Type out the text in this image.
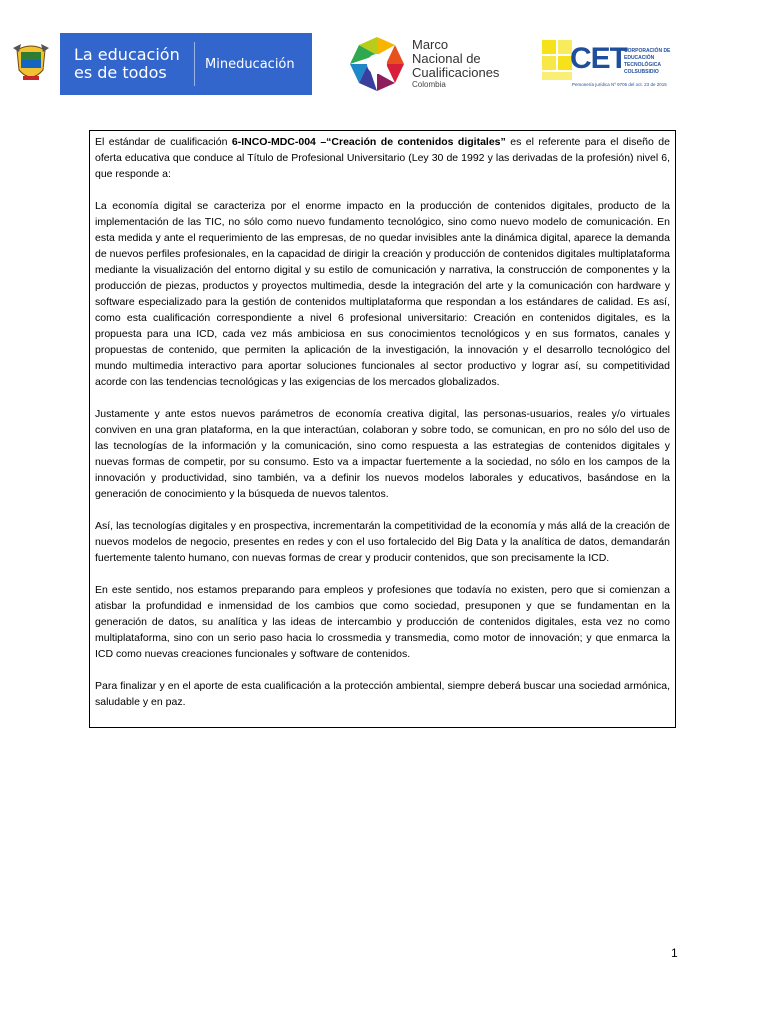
La educación
es de todos	Mineducación
Marco
Nacional de
Cualificaciones
Colombia
CET
CORPORACIÓN DE EDUCACIÓN TECNOLÓGICA COLSUBSIDIO
Personería jurídica Nº 9705 del oct. 23 de 2015

El estándar de cualificación 6-INCO-MDC-004 –“Creación de contenidos digitales” es el referente para el diseño de oferta educativa que conduce al Título de Profesional Universitario (Ley 30 de 1992 y las derivadas de la profesión) nivel 6, que responde a:

La economía digital se caracteriza por el enorme impacto en la producción de contenidos digitales, producto de la implementación de las TIC, no sólo como nuevo fundamento tecnológico, sino como nuevo modelo de comunicación. En esta medida y ante el requerimiento de las empresas, de no quedar invisibles ante la dinámica digital, aparece la demanda de nuevos perfiles profesionales, en la capacidad de dirigir la creación y producción de contenidos digitales multiplataforma mediante la visualización del entorno digital y su estilo de comunicación y narrativa, la construcción de componentes y la producción de piezas, productos y proyectos multimedia, desde la integración del arte y la comunicación con hardware y software especializado para la gestión de contenidos multiplataforma que respondan a los estándares de calidad. Es así, como esta cualificación correspondiente a nivel 6 profesional universitario: Creación en contenidos digitales, es la propuesta para una ICD, cada vez más ambiciosa en sus conocimientos tecnológicos y en sus formatos, canales y propuestas de contenido, que permiten la aplicación de la investigación, la innovación y el desarrollo tecnológico del mundo multimedia interactivo para aportar soluciones funcionales al sector productivo y lograr así, su competitividad acorde con las tendencias tecnológicas y las exigencias de los mercados globalizados.

Justamente y ante estos nuevos parámetros de economía creativa digital, las personas-usuarios, reales y/o virtuales conviven en una gran plataforma, en la que interactúan, colaboran y sobre todo, se comunican, en pro no sólo del uso de las tecnologías de la información y la comunicación, sino como respuesta a las estrategias de contenidos digitales y nuevas formas de competir, por su consumo. Esto va a impactar fuertemente a la sociedad, no sólo en los campos de la innovación y productividad, sino también, va a definir los nuevos modelos laborales y educativos, basándose en la generación de conocimiento y la búsqueda de nuevos talentos.

Así, las tecnologías digitales y en prospectiva, incrementarán la competitividad de la economía y más allá de la creación de nuevos modelos de negocio, presentes en redes y con el uso fortalecido del Big Data y la analítica de datos, demandarán fuertemente talento humano, con nuevas formas de crear y producir contenidos, que son precisamente la ICD.

En este sentido, nos estamos preparando para empleos y profesiones que todavía no existen, pero que si comienzan a atisbar la profundidad e inmensidad de los cambios que como sociedad, presuponen y que se fundamentan en la generación de datos, su analítica y las ideas de intercambio y producción de contenidos digitales, esta vez no como multiplataforma, sino con un serio paso hacia lo crossmedia y transmedia, como motor de innovación; y que enmarca la ICD como nuevas creaciones funcionales y software de contenidos.

Para finalizar y en el aporte de esta cualificación a la protección ambiental, siempre deberá buscar una sociedad armónica, saludable y en paz.

1
